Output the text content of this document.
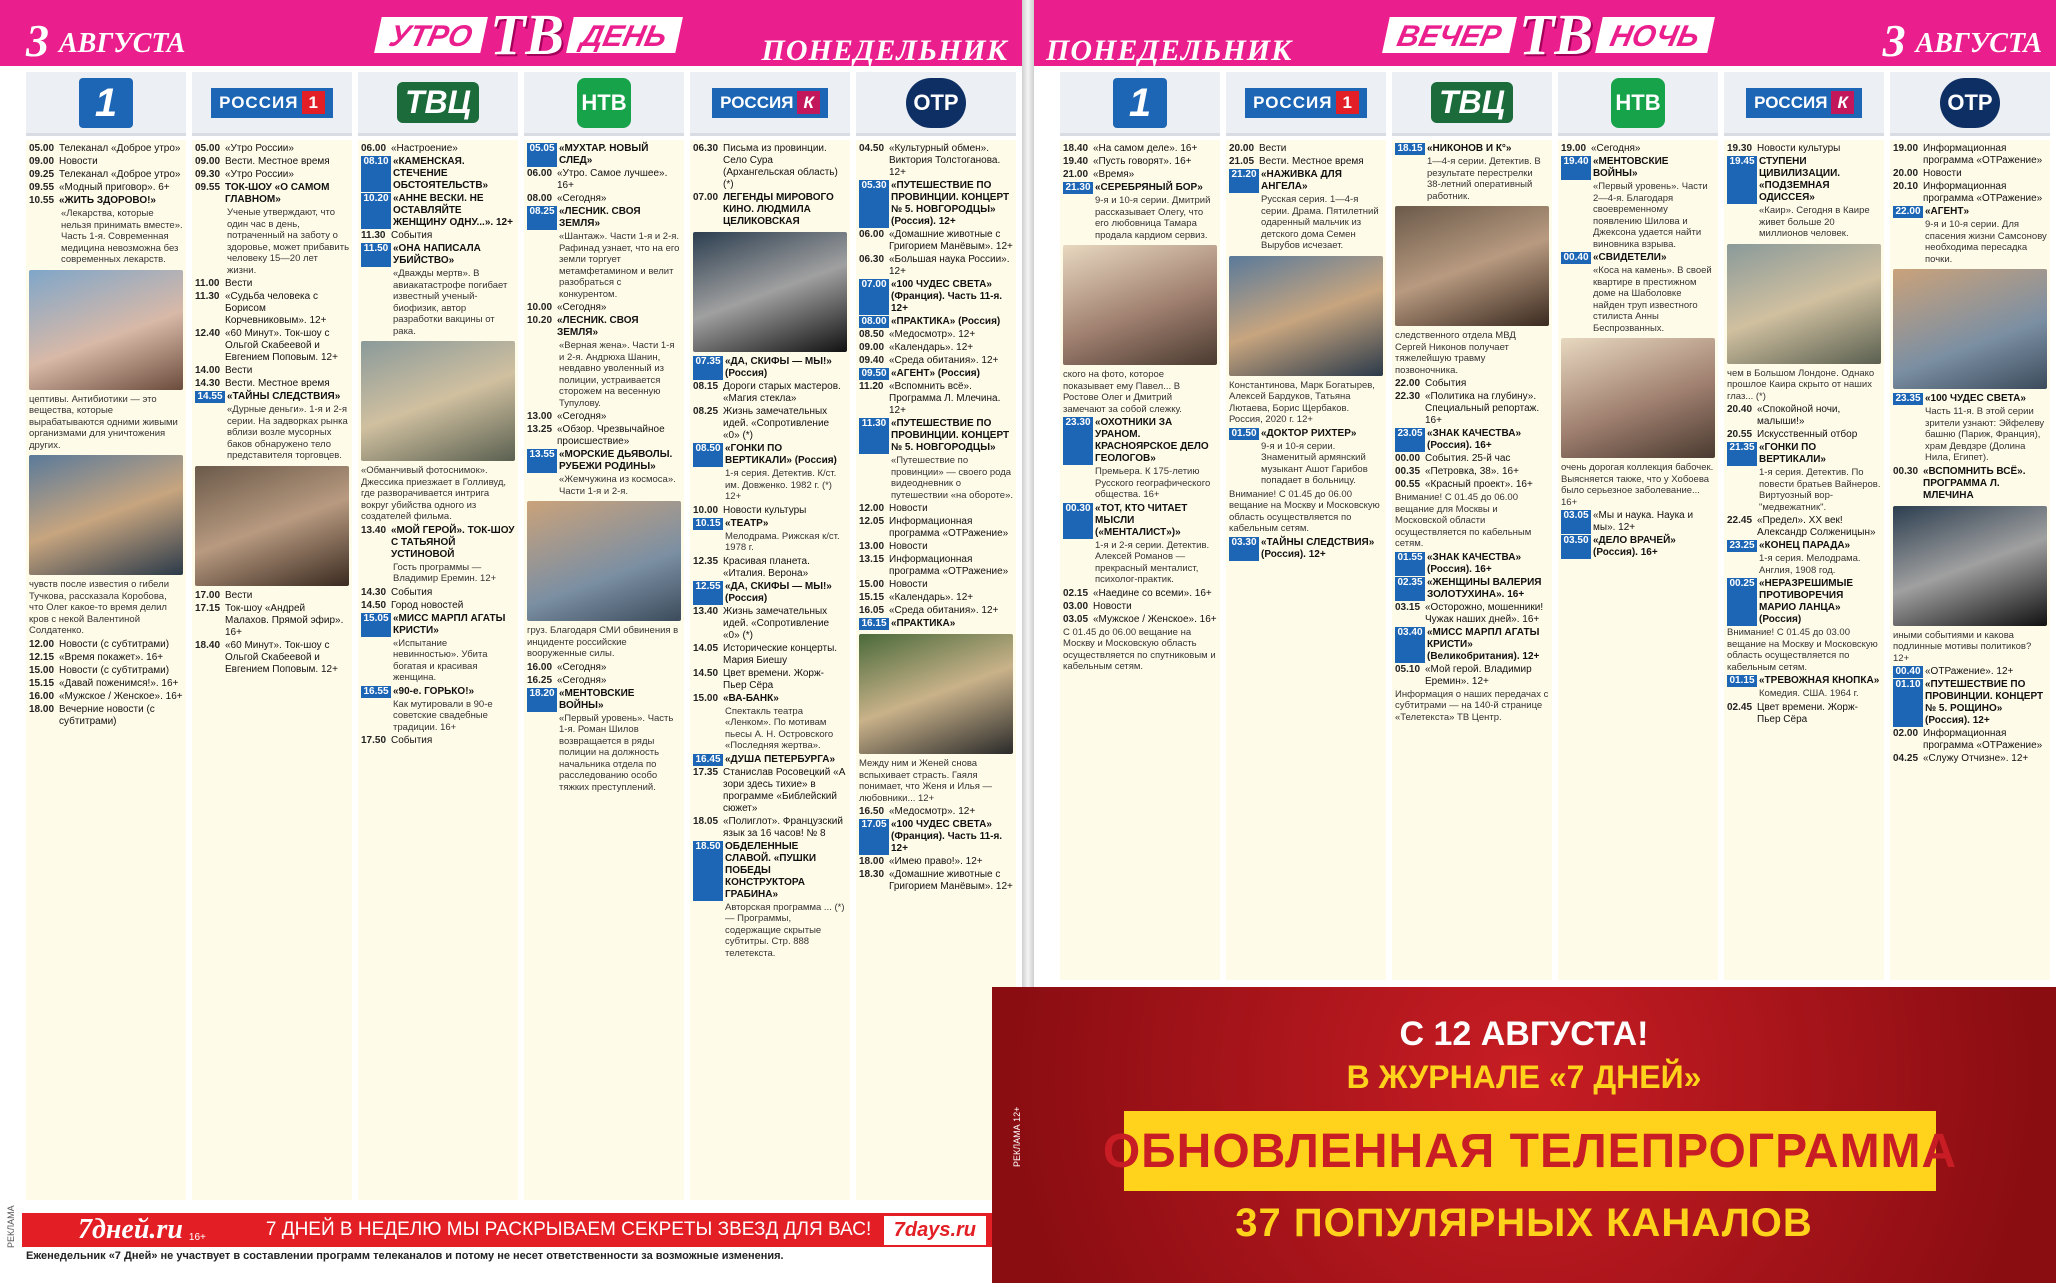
3 АВГУСТА	УТРО ТВ ДЕНЬ	ПОНЕДЕЛЬНИК
1	РОССИЯ 1	ТВЦ	НТВ	РОССИЯ К	ОТР
05.00 Телеканал «Доброе утро»
09.00 Новости
09.25 Телеканал «Доброе утро»
09.55 «Модный приговор». 6+
10.55 «ЖИТЬ ЗДОРОВО!»
«Лекарства, которые нельзя принимать вместе». Часть 1-я. Современная медицина невозможна без современных лекарств.
цептивы. Антибиотики — это вещества, которые вырабатываются одними живыми организмами для уничтожения других.
чувств после известия о гибели Тучкова, рассказала Коробова, что Олег какое-то время делил кров с некой Валентиной Солдатенко.
12.00 Новости (с субтитрами)
12.15 «Время покажет». 16+
15.00 Новости (с субтитрами)
15.15 «Давай поженимся!». 16+
16.00 «Мужское / Женское». 16+
18.00 Вечерние новости (с субтитрами)
05.00 «Утро России»
09.00 Вести. Местное время
09.30 «Утро России»
09.55 ТОК-ШОУ «О САМОМ ГЛАВНОМ»
Ученые утверждают, что один час в день, потраченный на заботу о здоровье, может прибавить человеку 15—20 лет жизни.
11.00 Вести
11.30 «Судьба человека с Борисом Корчевниковым». 12+
12.40 «60 Минут». Ток-шоу с Ольгой Скабеевой и Евгением Поповым. 12+
14.00 Вести
14.30 Вести. Местное время
14.55 «ТАЙНЫ СЛЕДСТВИЯ»
«Дурные деньги». 1-я и 2-я серии. На задворках рынка вблизи возле мусорных баков обнаружено тело представителя торговцев.
17.00 Вести
17.15 Ток-шоу «Андрей Малахов. Прямой эфир». 16+
18.40 «60 Минут». Ток-шоу с Ольгой Скабеевой и Евгением Поповым. 12+
06.00 «Настроение»
08.10 «КАМЕНСКАЯ. СТЕЧЕНИЕ ОБСТОЯТЕЛЬСТВ»
10.20 «АННЕ ВЕСКИ. НЕ ОСТАВЛЯЙТЕ ЖЕНЩИНУ ОДНУ...». 12+
11.30 События
11.50 «ОНА НАПИСАЛА УБИЙСТВО»
«Дважды мертв». В авиакатастрофе погибает известный ученый-биофизик, автор разработки вакцины от рака.
«Обманчивый фотоснимок». Джессика приезжает в Голливуд, где разворачивается интрига вокруг убийства одного из создателей фильма.
13.40 «МОЙ ГЕРОЙ». ТОК-ШОУ С ТАТЬЯНОЙ УСТИНОВОЙ
Гость программы — Владимир Еремин. 12+
14.30 События
14.50 Город новостей
15.05 «МИСС МАРПЛ АГАТЫ КРИСТИ»
«Испытание невинностью». Убита богатая и красивая женщина.
16.55 «90-е. ГОРЬКО!»
Как мутировали в 90-е советские свадебные традиции. 16+
17.50 События
05.05 «МУХТАР. НОВЫЙ СЛЕД»
06.00 «Утро. Самое лучшее». 16+
08.00 «Сегодня»
08.25 «ЛЕСНИК. СВОЯ ЗЕМЛЯ»
«Шантаж». Части 1-я и 2-я. Рафинад узнает, что на его земли торгует метамфетамином и велит разобраться с конкурентом.
10.00 «Сегодня»
10.20 «ЛЕСНИК. СВОЯ ЗЕМЛЯ»
«Верная жена». Части 1-я и 2-я. Андрюха Шанин, невдавно уволенный из полиции, устраивается сторожем на весенную Тупулову.
13.00 «Сегодня»
13.25 «Обзор. Чрезвычайное происшествие»
13.55 «МОРСКИЕ ДЬЯВОЛЫ. РУБЕЖИ РОДИНЫ»
«Жемчужина из космоса». Части 1-я и 2-я.
груз. Благодаря СМИ обвинения в инциденте российские вооруженные силы.
16.00 «Сегодня»
16.25 «Сегодня»
18.20 «МЕНТОВСКИЕ ВОЙНЫ»
«Первый уровень». Часть 1-я. Роман Шилов возвращается в ряды полиции на должность начальника отдела по расследованию особо тяжких преступлений.
06.30 Письма из провинции. Село Сура (Архангельская область) (*)
07.00 ЛЕГЕНДЫ МИРОВОГО КИНО. ЛЮДМИЛА ЦЕЛИКОВСКАЯ
07.35 «ДА, СКИФЫ — МЫ!» (Россия)
08.15 Дороги старых мастеров. «Магия стекла»
08.25 Жизнь замечательных идей. «Сопротивление «0» (*)
08.50 «ГОНКИ ПО ВЕРТИКАЛИ» (Россия)
1-я серия. Детектив. К/ст. им. Довженко. 1982 г. (*) 12+
10.00 Новости культуры
10.15 «ТЕАТР»
Мелодрама. Рижская к/ст. 1978 г.
12.35 Красивая планета. «Италия. Верона»
12.55 «ДА, СКИФЫ — МЫ!» (Россия)
13.40 Жизнь замечательных идей. «Сопротивление «0» (*)
14.05 Исторические концерты. Мария Биешу
14.50 Цвет времени. Жорж-Пьер Сёра
15.00 «ВА-БАНК»
Спектакль театра «Ленком». По мотивам пьесы А. Н. Островского «Последняя жертва».
16.45 «ДУША ПЕТЕРБУРГА»
17.35 Станислав Росовецкий «А зори здесь тихие» в программе «Библейский сюжет»
18.05 «Полиглот». Французский язык за 16 часов! № 8
18.50 ОБДЕЛЕННЫЕ СЛАВОЙ. «ПУШКИ ПОБЕДЫ КОНСТРУКТОРА ГРАБИНА»
Авторская программа ... (*) — Программы, содержащие скрытые субтитры. Стр. 888 телетекста.
04.50 «Культурный обмен». Виктория Толстоганова. 12+
05.30 «ПУТЕШЕСТВИЕ ПО ПРОВИНЦИИ. КОНЦЕРТ № 5. НОВГОРОДЦЫ» (Россия). 12+
06.00 «Домашние животные с Григорием Манёвым». 12+
06.30 «Большая наука России». 12+
07.00 «100 ЧУДЕС СВЕТА» (Франция). Часть 11-я. 12+
08.00 «ПРАКТИКА» (Россия)
08.50 «Медосмотр». 12+
09.00 «Календарь». 12+
09.40 «Среда обитания». 12+
09.50 «АГЕНТ» (Россия)
11.20 «Вспомнить всё». Программа Л. Млечина. 12+
11.30 «ПУТЕШЕСТВИЕ ПО ПРОВИНЦИИ. КОНЦЕРТ № 5. НОВГОРОДЦЫ»
«Путешествие по провинции» — своего рода видеодневник о путешествии «на обороте».
12.00 Новости
12.05 Информационная программа «ОТРажение»
13.00 Новости
13.15 Информационная программа «ОТРажение»
15.00 Новости
15.15 «Календарь». 12+
16.05 «Среда обитания». 12+
16.15 «ПРАКТИКА»
Между ним и Женей снова вспыхивает страсть. Гаяля понимает, что Женя и Илья — любовники... 12+
16.50 «Медосмотр». 12+
17.05 «100 ЧУДЕС СВЕТА» (Франция). Часть 11-я. 12+
18.00 «Имею право!». 12+
18.30 «Домашние животные с Григорием Манёвым». 12+
РЕКЛАМА 7дней.ru 16+	7 ДНЕЙ В НЕДЕЛЮ МЫ РАСКРЫВАЕМ СЕКРЕТЫ ЗВЕЗД ДЛЯ ВАС!	7days.ru
Еженедельник «7 Дней» не участвует в составлении программ телеканалов и потому не несет ответственности за возможные изменения.
ПОНЕДЕЛЬНИК	ВЕЧЕР ТВ НОЧЬ	3 АВГУСТА
1	РОССИЯ 1	ТВЦ	НТВ	РОССИЯ К	ОТР
18.40 «На самом деле». 16+
19.40 «Пусть говорят». 16+
21.00 «Время»
21.30 «СЕРЕБРЯНЫЙ БОР»
9-я и 10-я серии. Дмитрий рассказывает Олегу, что его любовница Тамара продала кардиом сервиз.
ского на фото, которое показывает ему Павел... В Ростове Олег и Дмитрий замечают за собой слежку.
23.30 «ОХОТНИКИ ЗА УРАНОМ. КРАСНОЯРСКОЕ ДЕЛО ГЕОЛОГОВ»
Премьера. К 175-летию Русского географического общества. 16+
00.30 «ТОТ, КТО ЧИТАЕТ МЫСЛИ («МЕНТАЛИСТ»)»
1-я и 2-я серии. Детектив. Алексей Романов — прекрасный менталист, психолог-практик.
02.15 «Наедине со всеми». 16+
03.00 Новости
03.05 «Мужское / Женское». 16+
С 01.45 до 06.00 вещание на Москву и Московскую область осуществляется по спутниковым и кабельным сетям.
20.00 Вести
21.05 Вести. Местное время
21.20 «НАЖИВКА ДЛЯ АНГЕЛА»
Русская серия. 1—4-я серии. Драма. Пятилетний одаренный мальчик из детского дома Семен Вырубов исчезает.
Константинова, Марк Богатырев, Алексей Бардуков, Татьяна Лютаева, Борис Щербаков. Россия, 2020 г. 12+
01.50 «ДОКТОР РИХТЕР»
9-я и 10-я серии. Знаменитый армянский музыкант Ашот Гарибов попадает в больницу.
Внимание! С 01.45 до 06.00 вещание на Москву и Московскую область осуществляется по кабельным сетям.
03.30 «ТАЙНЫ СЛЕДСТВИЯ» (Россия). 12+
18.15 «НИКОНОВ И К°»
1—4-я серии. Детектив. В результате перестрелки 38-летний оперативный работник.
следственного отдела МВД Сергей Никонов получает тяжелейшую травму позвоночника.
22.00 События
22.30 «Политика на глубину». Специальный репортаж. 16+
23.05 «ЗНАК КАЧЕСТВА» (Россия). 16+
00.00 События. 25-й час
00.35 «Петровка, 38». 16+
00.55 «Красный проект». 16+
Внимание! С 01.45 до 06.00 вещание для Москвы и Московской области осуществляется по кабельным сетям.
01.55 «ЗНАК КАЧЕСТВА» (Россия). 16+
02.35 «ЖЕНЩИНЫ ВАЛЕРИЯ ЗОЛОТУХИНА». 16+
03.15 «Осторожно, мошенники! Чужак наших дней». 16+
03.40 «МИСС МАРПЛ АГАТЫ КРИСТИ» (Великобритания). 12+
05.10 «Мой герой. Владимир Еремин». 12+
Информация о наших передачах с субтитрами — на 140-й странице «Телетекста» ТВ Центр.
19.00 «Сегодня»
19.40 «МЕНТОВСКИЕ ВОЙНЫ»
«Первый уровень». Части 2—4-я. Благодаря своевременному появлению Шилова и Джексона удается найти виновника взрыва.
00.40 «СВИДЕТЕЛИ»
«Коса на камень». В своей квартире в престижном доме на Шаболовке найден труп известного стилиста Анны Беспрозванных.
очень дорогая коллекция бабочек. Выясняется также, что у Хобоева было серьезное заболевание... 16+
03.05 «Мы и наука. Наука и мы». 12+
03.50 «ДЕЛО ВРАЧЕЙ» (Россия). 16+
19.30 Новости культуры
19.45 СТУПЕНИ ЦИВИЛИЗАЦИИ. «ПОДЗЕМНАЯ ОДИССЕЯ»
«Каир». Сегодня в Каире живет больше 20 миллионов человек.
чем в Большом Лондоне. Однако прошлое Каира скрыто от наших глаз... (*)
20.40 «Спокойной ночи, малыши!»
20.55 Искусственный отбор
21.35 «ГОНКИ ПО ВЕРТИКАЛИ»
1-я серия. Детектив. По повести братьев Вайнеров. Виртуозный вор-"медвежатник".
22.45 «Предел». XX век! Александр Солженицын»
23.25 «КОНЕЦ ПАРАДА»
1-я серия. Мелодрама. Англия, 1908 год.
00.25 «НЕРАЗРЕШИМЫЕ ПРОТИВОРЕЧИЯ МАРИО ЛАНЦА» (Россия)
Внимание! С 01.45 до 03.00 вещание на Москву и Московскую область осуществляется по кабельным сетям.
01.15 «ТРЕВОЖНАЯ КНОПКА»
Комедия. США. 1964 г.
02.45 Цвет времени. Жорж-Пьер Сёра
19.00 Информационная программа «ОТРажение»
20.00 Новости
20.10 Информационная программа «ОТРажение»
22.00 «АГЕНТ»
9-я и 10-я серии. Для спасения жизни Самсонову необходима пересадка почки.
23.35 «100 ЧУДЕС СВЕТА»
Часть 11-я. В этой серии зрители узнают: Эйфелеву башню (Париж, Франция), храм Девдзре (Долина Нила, Египет).
00.30 «ВСПОМНИТЬ ВСЁ». ПРОГРАММА Л. МЛЕЧИНА
иными событиями и какова подлинные мотивы политиков? 12+
00.40 «ОТРажение». 12+
01.10 «ПУТЕШЕСТВИЕ ПО ПРОВИНЦИИ. КОНЦЕРТ № 5. РОЩИНО» (Россия). 12+
02.00 Информационная программа «ОТРажение»
04.25 «Служу Отчизне». 12+
РЕКЛАМА 12+
С 12 АВГУСТА!
В ЖУРНАЛЕ «7 ДНЕЙ»
ОБНОВЛЕННАЯ ТЕЛЕПРОГРАММА
37 ПОПУЛЯРНЫХ КАНАЛОВ
